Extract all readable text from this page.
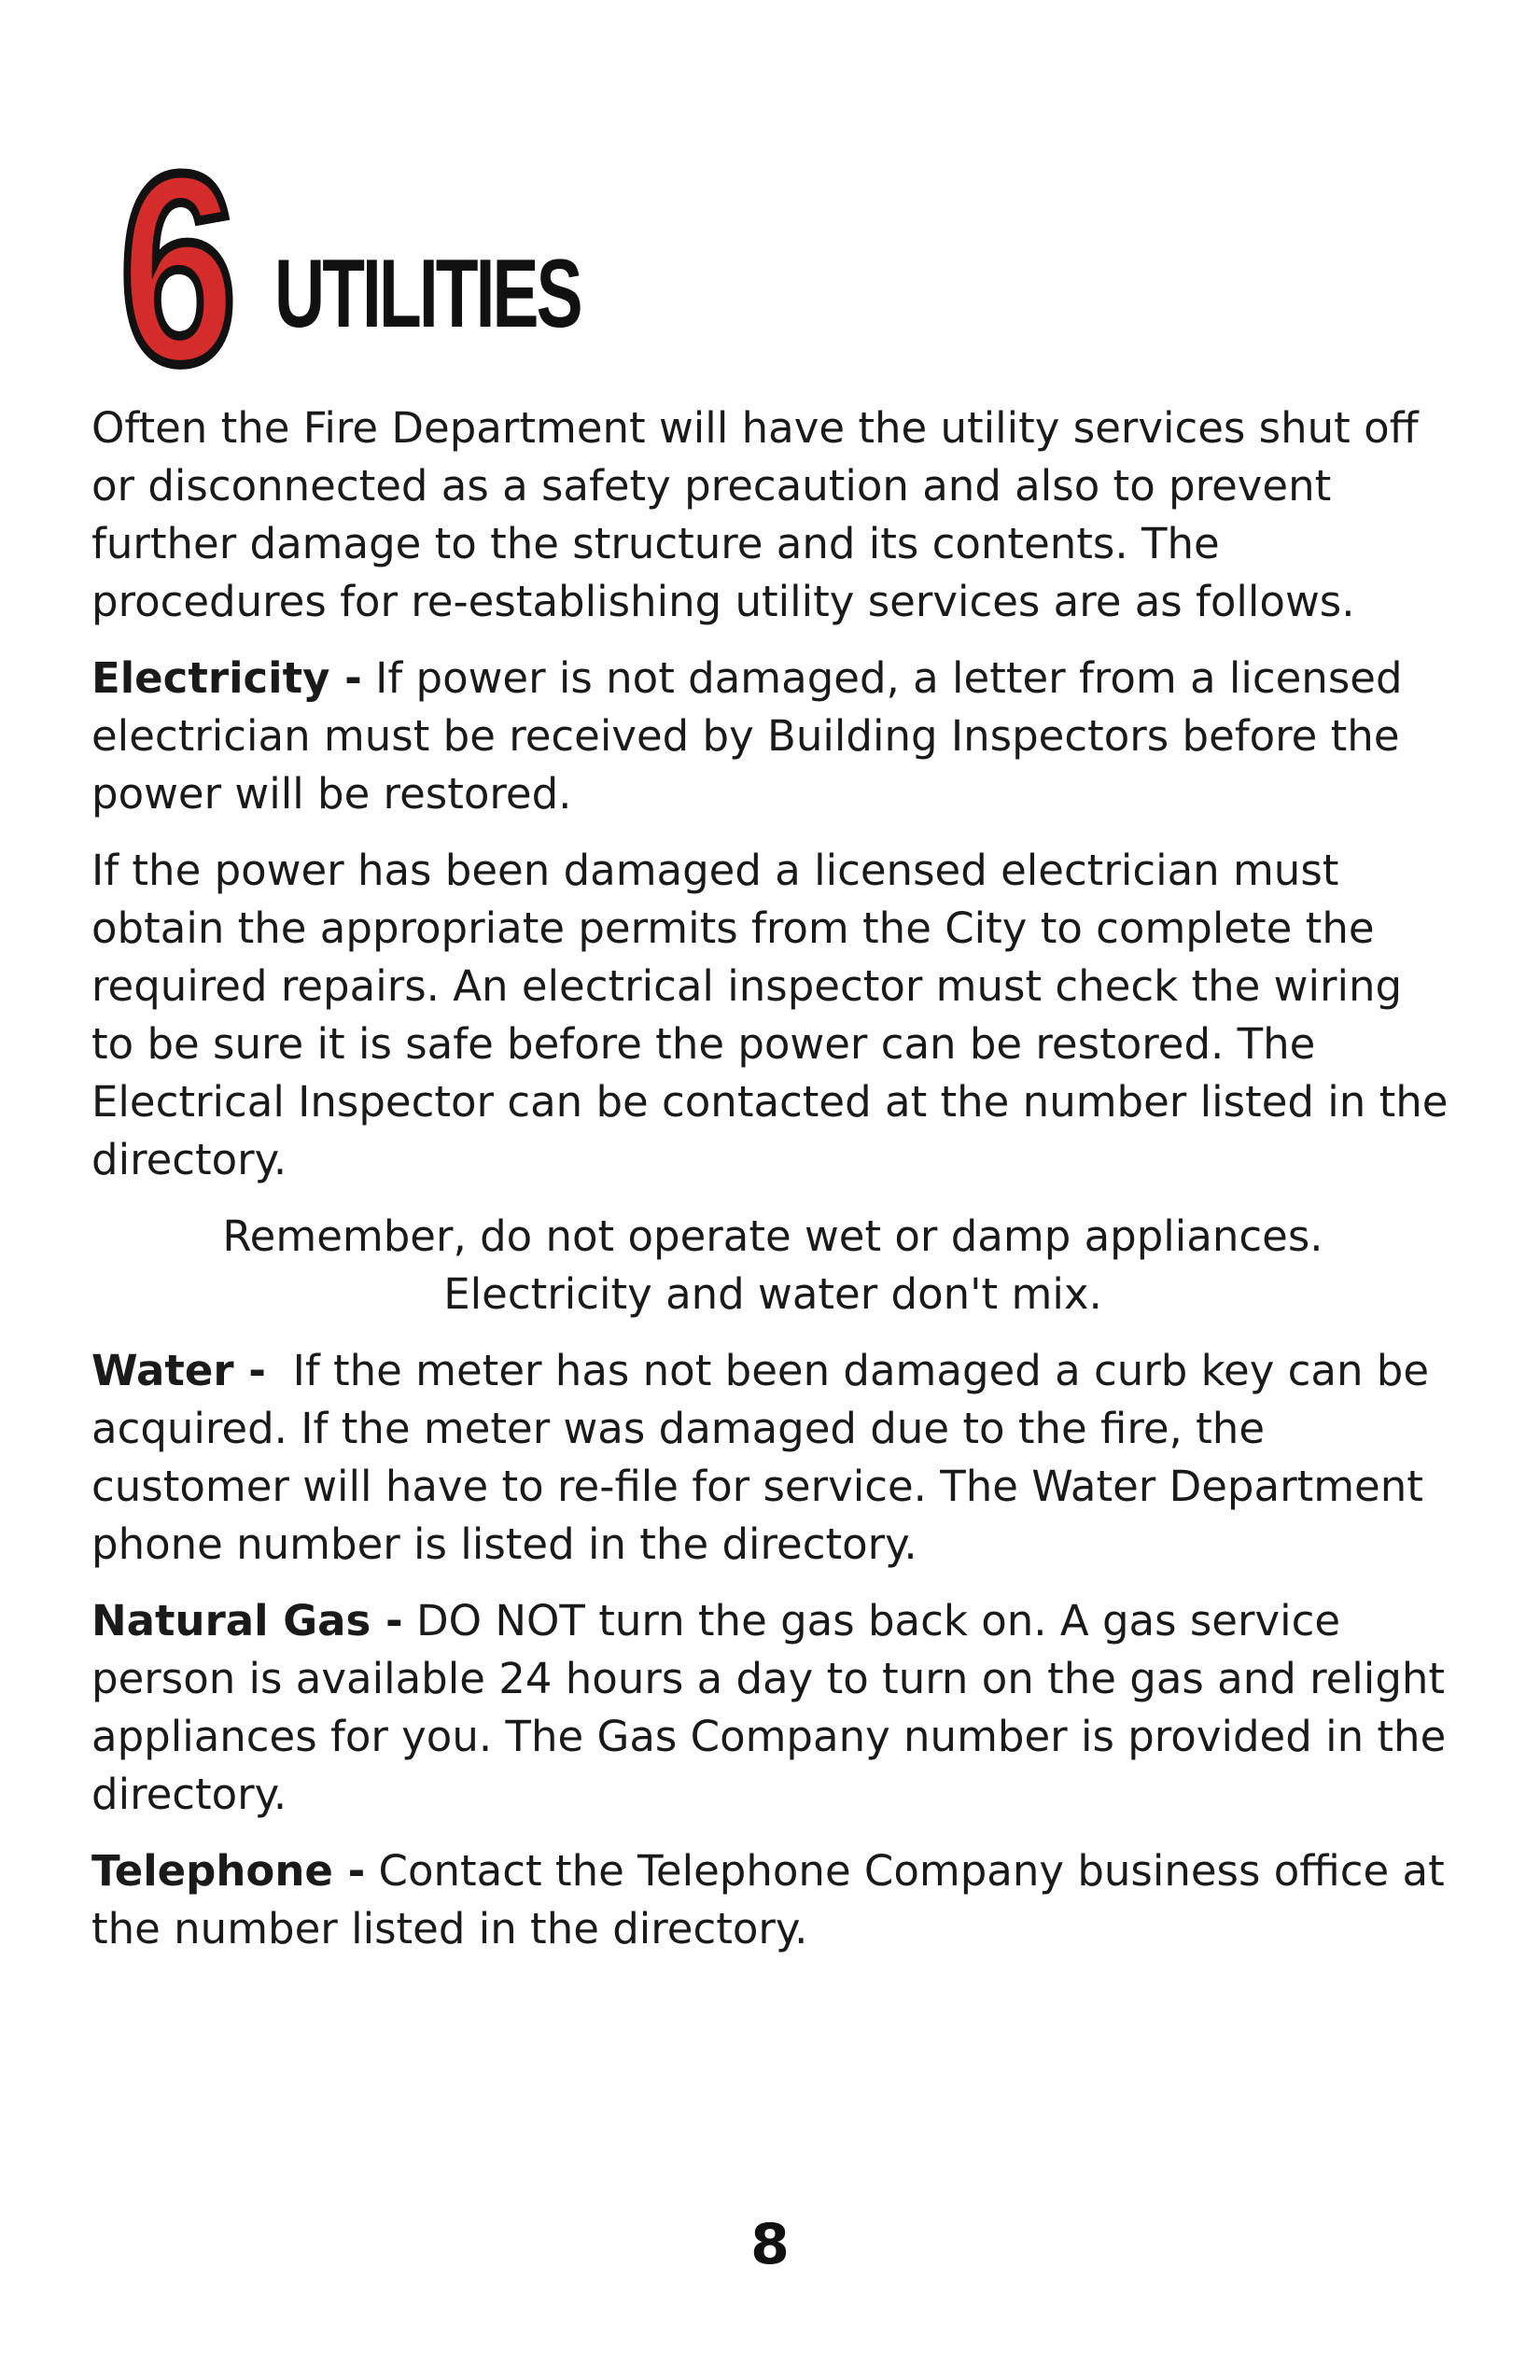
6 UTILITIES

Often the Fire Department will have the utility services shut off or disconnected as a safety precaution and also to prevent further damage to the structure and its contents. The procedures for re-establishing utility services are as follows.

Electricity - If power is not damaged, a letter from a licensed electrician must be received by Building Inspectors before the power will be restored.

If the power has been damaged a licensed electrician must obtain the appropriate permits from the City to complete the required repairs. An electrical inspector must check the wiring to be sure it is safe before the power can be restored. The Electrical Inspector can be contacted at the number listed in the directory.

Remember, do not operate wet or damp appliances.
Electricity and water don't mix.

Water -  If the meter has not been damaged a curb key can be acquired. If the meter was damaged due to the fire, the customer will have to re-file for service. The Water Department phone number is listed in the directory.

Natural Gas - DO NOT turn the gas back on. A gas service person is available 24 hours a day to turn on the gas and relight appliances for you. The Gas Company number is provided in the directory.

Telephone - Contact the Telephone Company business office at the number listed in the directory.

8
